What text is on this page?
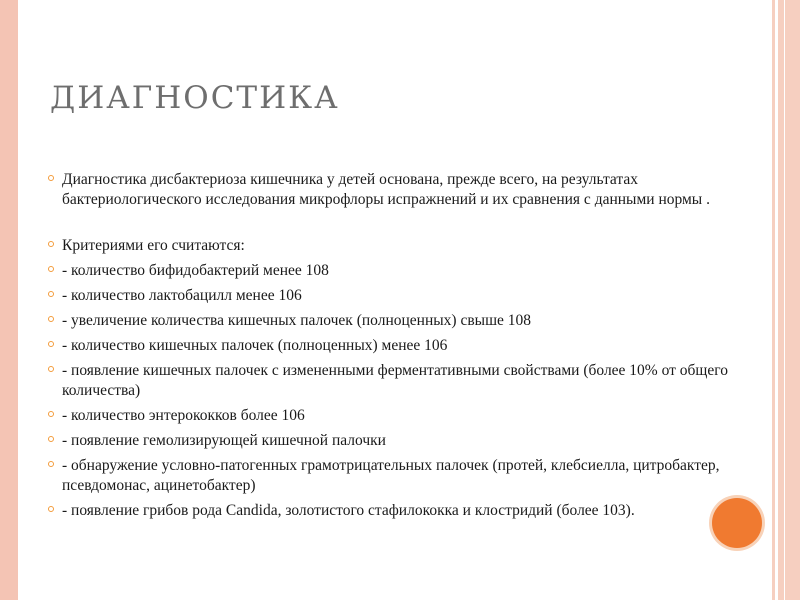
ДИАГНОСТИКА
Диагностика дисбактериоза кишечника у детей основана, прежде всего, на результатах бактериологического исследования микрофлоры испражнений и их сравнения с данными нормы .
Критериями его считаются:
- количество бифидобактерий менее 108
- количество лактобацилл менее 106
- увеличение количества кишечных палочек (полноценных) свыше 108
- количество кишечных палочек (полноценных) менее 106
- появление кишечных палочек с измененными ферментативными свойствами (более 10% от общего количества)
- количество энтерококков более 106
- появление гемолизирующей кишечной палочки
- обнаружение условно-патогенных грамотрицательных палочек (протей, клебсиелла, цитробактер, псевдомонас, ацинетобактер)
- появление грибов рода Candida, золотистого стафилококка и клостридий (более 103).
